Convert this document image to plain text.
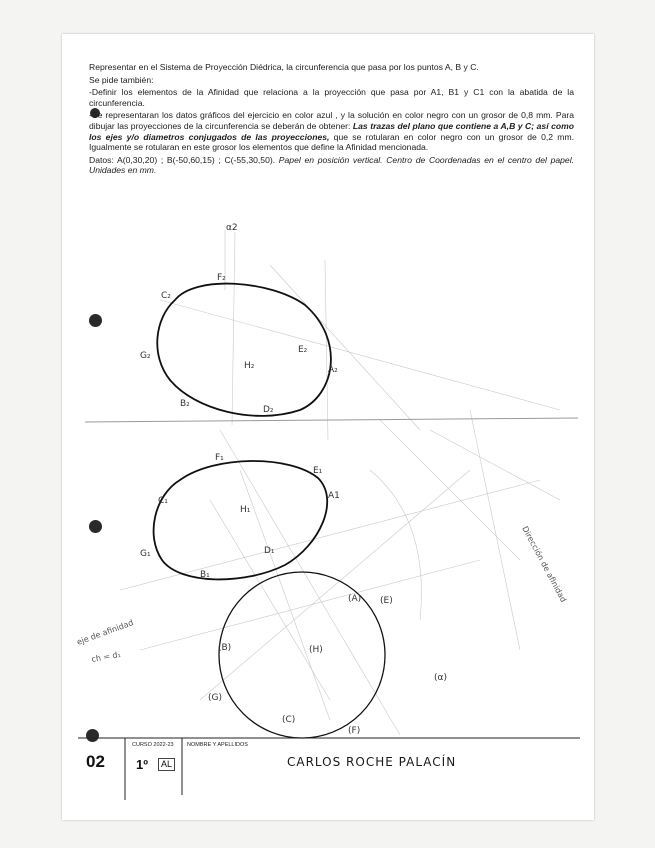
Representar en el Sistema de Proyección Diédrica, la circunferencia que pasa por los puntos A, B y C.

Se pide también:

-Definir los elementos de la Afinidad que relaciona a la proyección que pasa por A1, B1 y C1 con la abatida de la circunferencia.

-Se representaran los datos gráficos del ejercicio en color azul , y la solución en color negro con un grosor de 0,8 mm. Para dibujar las proyecciones de la circunferencia se deberán de obtener: Las trazas del plano que contiene a A,B y C; así como los ejes y/o diametros conjugados de las proyecciones, que se rotularan en color negro con un grosor de 0,2 mm. Igualmente se rotularan en este grosor los elementos que define la Afinidad mencionada.

Datos: A(0,30,20) ; B(-50,60,15) ; C(-55,30,50). Papel en posición vertical. Centro de Coordenadas en el centro del papel. Unidades en mm.

α2
F₂
C₂
G₂
H₂
E₂
A₂
B₂
D₂
F₁
E₁
A1
C₁
H₁
G₁	D₁
B₁
(A) (E)
(B)	(H)
(G)
(C)
(F)
(α)
eje de afinidad
ch = d₁
Dirección de afinidad
CURSO 2022-23 NOMBRE Y APELLIDOS
02 1º	AL	CARLOS ROCHE PALACÍN
